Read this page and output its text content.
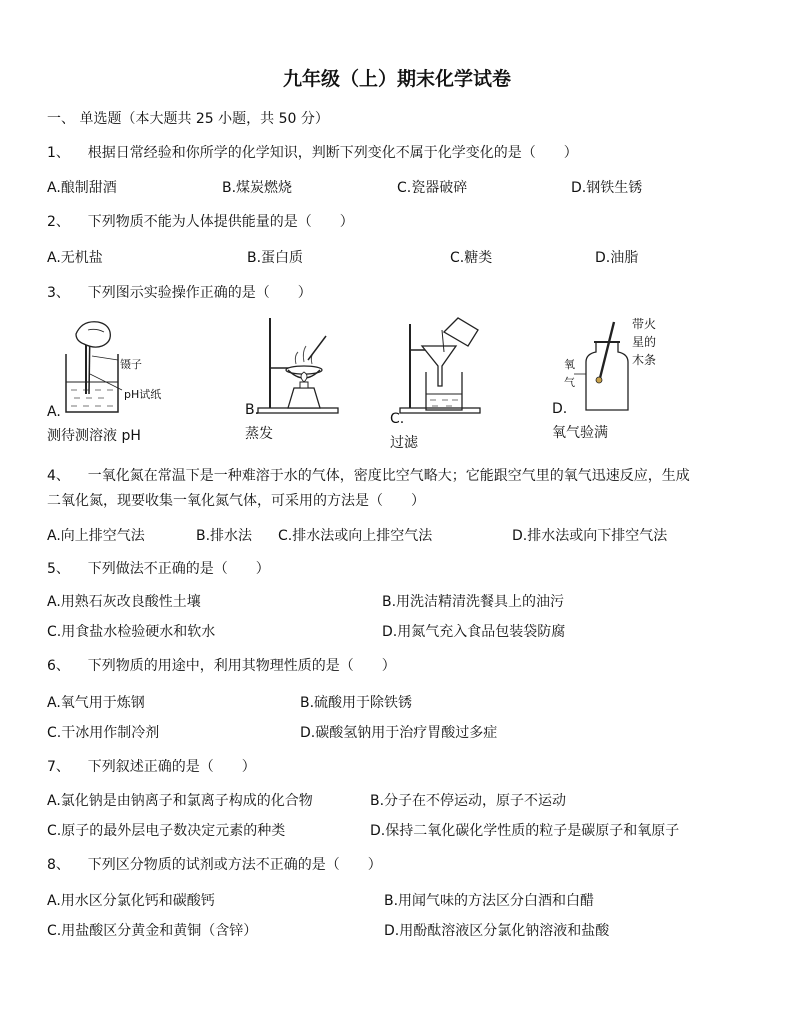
九年级（上）期末化学试卷
一、 单选题（本大题共 25 小题，共 50 分）
1、 根据日常经验和你所学的化学知识，判断下列变化不属于化学变化的是（　　）
A.酿制甜酒	B.煤炭燃烧	C.瓷器破碎	D.钢铁生锈
2、 下列物质不能为人体提供能量的是（　　）
A.无机盐	B.蛋白质	C.糖类	D.油脂
3、 下列图示实验操作正确的是（　　）
镊子
pH试纸
A.
测待测溶液 pH
B.
蒸发
C.
过滤
氧
气
带火
星的
木条
D.
氧气验满
4、 一氧化氮在常温下是一种难溶于水的气体，密度比空气略大；它能跟空气里的氧气迅速反应，生成
二氧化氮，现要收集一氧化氮气体，可采用的方法是（　　）
A.向上排空气法	B.排水法 C.排水法或向上排空气法	D.排水法或向下排空气法
5、 下列做法不正确的是（　　）
A.用熟石灰改良酸性土壤	B.用洗洁精清洗餐具上的油污
C.用食盐水检验硬水和软水	D.用氮气充入食品包装袋防腐
6、 下列物质的用途中，利用其物理性质的是（　　）
A.氧气用于炼钢	B.硫酸用于除铁锈
C.干冰用作制冷剂	D.碳酸氢钠用于治疗胃酸过多症
7、 下列叙述正确的是（　　）
A.氯化钠是由钠离子和氯离子构成的化合物	B.分子在不停运动，原子不运动
C.原子的最外层电子数决定元素的种类	D.保持二氧化碳化学性质的粒子是碳原子和氧原子
8、 下列区分物质的试剂或方法不正确的是（　　）
A.用水区分氯化钙和碳酸钙	B.用闻气味的方法区分白酒和白醋
C.用盐酸区分黄金和黄铜（含锌）	D.用酚酞溶液区分氯化钠溶液和盐酸
